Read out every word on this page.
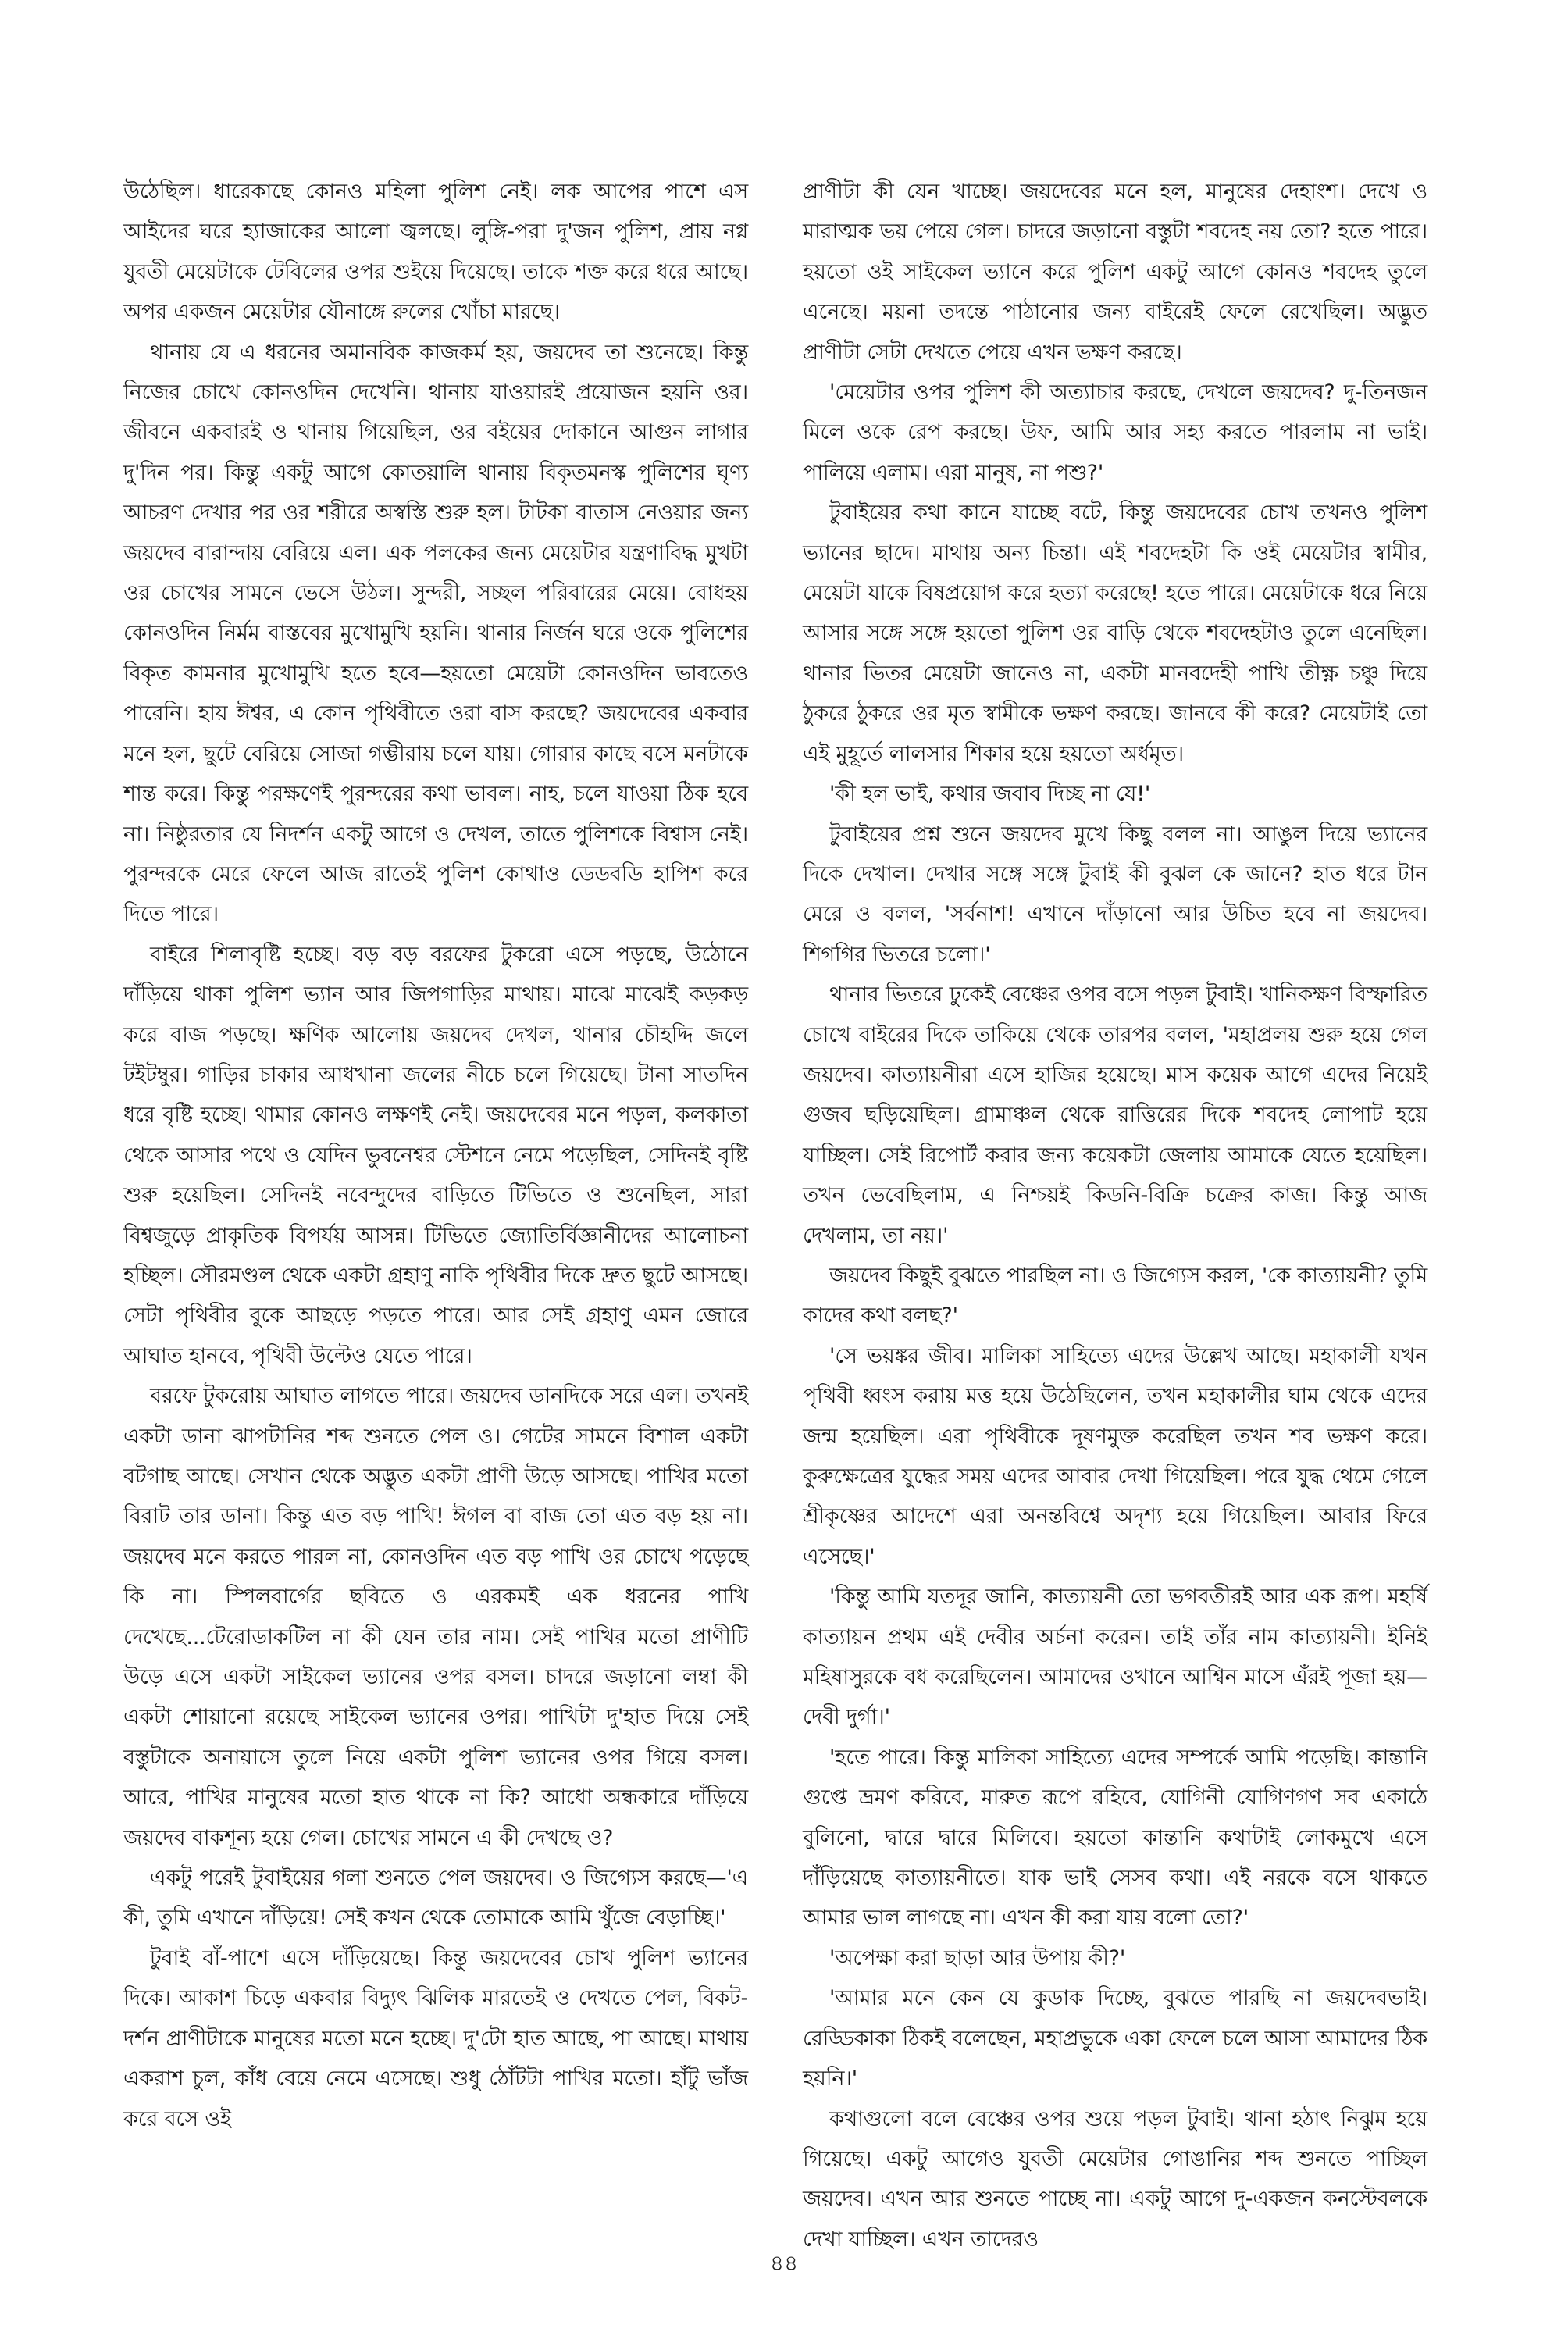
উঠেছিল। ধারেকাছে কোনও মহিলা পুলিশ নেই। লক আপের পাশে এস আইদের ঘরে হ্যাজাকের আলো জ্বলছে। লুঙ্গি-পরা দু'জন পুলিশ, প্রায় নগ্ন যুবতী মেয়েটাকে টেবিলের ওপর শুইয়ে দিয়েছে। তাকে শক্ত করে ধরে আছে। অপর একজন মেয়েটার যৌনাঙ্গে রুলের খোঁচা মারছে।

থানায় যে এ ধরনের অমানবিক কাজকর্ম হয়, জয়দেব তা শুনেছে। কিন্তু নিজের চোখে কোনওদিন দেখেনি। থানায় যাওয়ারই প্রয়োজন হয়নি ওর। জীবনে একবারই ও থানায় গিয়েছিল, ওর বইয়ের দোকানে আগুন লাগার দু'দিন পর। কিন্তু একটু আগে কোতয়ালি থানায় বিকৃতমনস্ক পুলিশের ঘৃণ্য আচরণ দেখার পর ওর শরীরে অস্বস্তি শুরু হল। টাটকা বাতাস নেওয়ার জন্য জয়দেব বারান্দায় বেরিয়ে এল। এক পলকের জন্য মেয়েটার যন্ত্রণাবিদ্ধ মুখটা ওর চোখের সামনে ভেসে উঠল। সুন্দরী, সচ্ছল পরিবারের মেয়ে। বোধহয় কোনওদিন নির্মম বাস্তবের মুখোমুখি হয়নি। থানার নির্জন ঘরে ওকে পুলিশের বিকৃত কামনার মুখোমুখি হতে হবে—হয়তো মেয়েটা কোনওদিন ভাবতেও পারেনি। হায় ঈশ্বর, এ কোন পৃথিবীতে ওরা বাস করছে? জয়দেবের একবার মনে হল, ছুটে বেরিয়ে সোজা গম্ভীরায় চলে যায়। গোরার কাছে বসে মনটাকে শান্ত করে। কিন্তু পরক্ষণেই পুরন্দরের কথা ভাবল। নাহ, চলে যাওয়া ঠিক হবে না। নিষ্ঠুরতার যে নিদর্শন একটু আগে ও দেখল, তাতে পুলিশকে বিশ্বাস নেই। পুরন্দরকে মেরে ফেলে আজ রাতেই পুলিশ কোথাও ডেডবডি হাপিশ করে দিতে পারে।

বাইরে শিলাবৃষ্টি হচ্ছে। বড় বড় বরফের টুকরো এসে পড়ছে, উঠোনে দাঁড়িয়ে থাকা পুলিশ ভ্যান আর জিপগাড়ির মাথায়। মাঝে মাঝেই কড়কড় করে বাজ পড়ছে। ক্ষণিক আলোয় জয়দেব দেখল, থানার চৌহদ্দি জলে টইটম্বুর। গাড়ির চাকার আধখানা জলের নীচে চলে গিয়েছে। টানা সাতদিন ধরে বৃষ্টি হচ্ছে। থামার কোনও লক্ষণই নেই। জয়দেবের মনে পড়ল, কলকাতা থেকে আসার পথে ও যেদিন ভুবনেশ্বর স্টেশনে নেমে পড়েছিল, সেদিনই বৃষ্টি শুরু হয়েছিল। সেদিনই নবেন্দুদের বাড়িতে টিভিতে ও শুনেছিল, সারা বিশ্বজুড়ে প্রাকৃতিক বিপর্যয় আসন্ন। টিভিতে জ্যোতির্বিজ্ঞানীদের আলোচনা হচ্ছিল। সৌরমণ্ডল থেকে একটা গ্রহাণু নাকি পৃথিবীর দিকে দ্রুত ছুটে আসছে। সেটা পৃথিবীর বুকে আছড়ে পড়তে পারে। আর সেই গ্রহাণু এমন জোরে আঘাত হানবে, পৃথিবী উল্টেও যেতে পারে।

বরফে টুকরোয় আঘাত লাগতে পারে। জয়দেব ডানদিকে সরে এল। তখনই একটা ডানা ঝাপটানির শব্দ শুনতে পেল ও। গেটের সামনে বিশাল একটা বটগাছ আছে। সেখান থেকে অদ্ভুত একটা প্রাণী উড়ে আসছে। পাখির মতো বিরাট তার ডানা। কিন্তু এত বড় পাখি! ঈগল বা বাজ তো এত বড় হয় না। জয়দেব মনে করতে পারল না, কোনওদিন এত বড় পাখি ওর চোখে পড়েছে কি না। স্পিলবার্গের ছবিতে ও এরকমই এক ধরনের পাখি দেখেছে...টেরোডাকটিল না কী যেন তার নাম। সেই পাখির মতো প্রাণীটি উড়ে এসে একটা সাইকেল ভ্যানের ওপর বসল। চাদরে জড়ানো লম্বা কী একটা শোয়ানো রয়েছে সাইকেল ভ্যানের ওপর। পাখিটা দু'হাত দিয়ে সেই বস্তুটাকে অনায়াসে তুলে নিয়ে একটা পুলিশ ভ্যানের ওপর গিয়ে বসল। আরে, পাখির মানুষের মতো হাত থাকে না কি? আধো অন্ধকারে দাঁড়িয়ে জয়দেব বাকশূন্য হয়ে গেল। চোখের সামনে এ কী দেখছে ও?

একটু পরেই টুবাইয়ের গলা শুনতে পেল জয়দেব। ও জিগ্যেস করছে—'এ কী, তুমি এখানে দাঁড়িয়ে! সেই কখন থেকে তোমাকে আমি খুঁজে বেড়াচ্ছি।'

টুবাই বাঁ-পাশে এসে দাঁড়িয়েছে। কিন্তু জয়দেবের চোখ পুলিশ ভ্যানের দিকে। আকাশ চিড়ে একবার বিদ্যুৎ ঝিলিক মারতেই ও দেখতে পেল, বিকট-দর্শন প্রাণীটাকে মানুষের মতো মনে হচ্ছে। দু'টো হাত আছে, পা আছে। মাথায় একরাশ চুল, কাঁধ বেয়ে নেমে এসেছে। শুধু ঠোঁটটা পাখির মতো। হাঁটু ভাঁজ করে বসে ওই

প্রাণীটা কী যেন খাচ্ছে। জয়দেবের মনে হল, মানুষের দেহাংশ। দেখে ও মারাত্মক ভয় পেয়ে গেল। চাদরে জড়ানো বস্তুটা শবদেহ নয় তো? হতে পারে। হয়তো ওই সাইকেল ভ্যানে করে পুলিশ একটু আগে কোনও শবদেহ তুলে এনেছে। ময়না তদন্তে পাঠানোর জন্য বাইরেই ফেলে রেখেছিল। অদ্ভুত প্রাণীটা সেটা দেখতে পেয়ে এখন ভক্ষণ করছে।

'মেয়েটার ওপর পুলিশ কী অত্যাচার করছে, দেখলে জয়দেব? দু-তিনজন মিলে ওকে রেপ করছে। উফ, আমি আর সহ্য করতে পারলাম না ভাই। পালিয়ে এলাম। এরা মানুষ, না পশু?'

টুবাইয়ের কথা কানে যাচ্ছে বটে, কিন্তু জয়দেবের চোখ তখনও পুলিশ ভ্যানের ছাদে। মাথায় অন্য চিন্তা। এই শবদেহটা কি ওই মেয়েটার স্বামীর, মেয়েটা যাকে বিষপ্রয়োগ করে হত্যা করেছে! হতে পারে। মেয়েটাকে ধরে নিয়ে আসার সঙ্গে সঙ্গে হয়তো পুলিশ ওর বাড়ি থেকে শবদেহটাও তুলে এনেছিল। থানার ভিতর মেয়েটা জানেও না, একটা মানবদেহী পাখি তীক্ষ্ণ চঞ্চু দিয়ে ঠুকরে ঠুকরে ওর মৃত স্বামীকে ভক্ষণ করছে। জানবে কী করে? মেয়েটাই তো এই মুহূর্তে লালসার শিকার হয়ে হয়তো অর্ধমৃত।

'কী হল ভাই, কথার জবাব দিচ্ছ না যে!'

টুবাইয়ের প্রশ্ন শুনে জয়দেব মুখে কিছু বলল না। আঙুল দিয়ে ভ্যানের দিকে দেখাল। দেখার সঙ্গে সঙ্গে টুবাই কী বুঝল কে জানে? হাত ধরে টান মেরে ও বলল, 'সর্বনাশ! এখানে দাঁড়ানো আর উচিত হবে না জয়দেব। শিগগির ভিতরে চলো।'

থানার ভিতরে ঢুকেই বেঞ্চের ওপর বসে পড়ল টুবাই। খানিকক্ষণ বিস্ফারিত চোখে বাইরের দিকে তাকিয়ে থেকে তারপর বলল, 'মহাপ্রলয় শুরু হয়ে গেল জয়দেব। কাত্যায়নীরা এসে হাজির হয়েছে। মাস কয়েক আগে এদের নিয়েই গুজব ছড়িয়েছিল। গ্রামাঞ্চল থেকে রাত্তিরের দিকে শবদেহ লোপাট হয়ে যাচ্ছিল। সেই রিপোর্ট করার জন্য কয়েকটা জেলায় আমাকে যেতে হয়েছিল। তখন ভেবেছিলাম, এ নিশ্চয়ই কিডনি-বিক্রি চক্রের কাজ। কিন্তু আজ দেখলাম, তা নয়।'

জয়দেব কিছুই বুঝতে পারছিল না। ও জিগ্যেস করল, 'কে কাত্যায়নী? তুমি কাদের কথা বলছ?'

'সে ভয়ঙ্কর জীব। মালিকা সাহিত্যে এদের উল্লেখ আছে। মহাকালী যখন পৃথিবী ধ্বংস করায় মত্ত হয়ে উঠেছিলেন, তখন মহাকালীর ঘাম থেকে এদের জন্ম হয়েছিল। এরা পৃথিবীকে দূষণমুক্ত করেছিল তখন শব ভক্ষণ করে। কুরুক্ষেত্রের যুদ্ধের সময় এদের আবার দেখা গিয়েছিল। পরে যুদ্ধ থেমে গেলে শ্রীকৃষ্ণের আদেশে এরা অনন্তবিশ্বে অদৃশ্য হয়ে গিয়েছিল। আবার ফিরে এসেছে।'

'কিন্তু আমি যতদূর জানি, কাত্যায়নী তো ভগবতীরই আর এক রূপ। মহর্ষি কাত্যায়ন প্রথম এই দেবীর অর্চনা করেন। তাই তাঁর নাম কাত্যায়নী। ইনিই মহিষাসুরকে বধ করেছিলেন। আমাদের ওখানে আশ্বিন মাসে এঁরই পূজা হয়—দেবী দুর্গা।'

'হতে পারে। কিন্তু মালিকা সাহিত্যে এদের সম্পর্কে আমি পড়েছি। কান্তানি গুপ্তে ভ্রমণ করিবে, মারুত রূপে রহিবে, যোগিনী যোগিণগণ সব একাঠে বুলিনো, দ্বারে দ্বারে মিলিবে। হয়তো কান্তানি কথাটাই লোকমুখে এসে দাঁড়িয়েছে কাত্যায়নীতে। যাক ভাই সেসব কথা। এই নরকে বসে থাকতে আমার ভাল লাগছে না। এখন কী করা যায় বলো তো?'

'অপেক্ষা করা ছাড়া আর উপায় কী?'

'আমার মনে কেন যে কুডাক দিচ্ছে, বুঝতে পারছি না জয়দেবভাই। রেড্ডিকাকা ঠিকই বলেছেন, মহাপ্রভুকে একা ফেলে চলে আসা আমাদের ঠিক হয়নি।'

কথাগুলো বলে বেঞ্চের ওপর শুয়ে পড়ল টুবাই। থানা হঠাৎ নিঝুম হয়ে গিয়েছে। একটু আগেও যুবতী মেয়েটার গোঙানির শব্দ শুনতে পাচ্ছিল জয়দেব। এখন আর শুনতে পাচ্ছে না। একটু আগে দু-একজন কনস্টেবলকে দেখা যাচ্ছিল। এখন তাদেরও

৪৪
